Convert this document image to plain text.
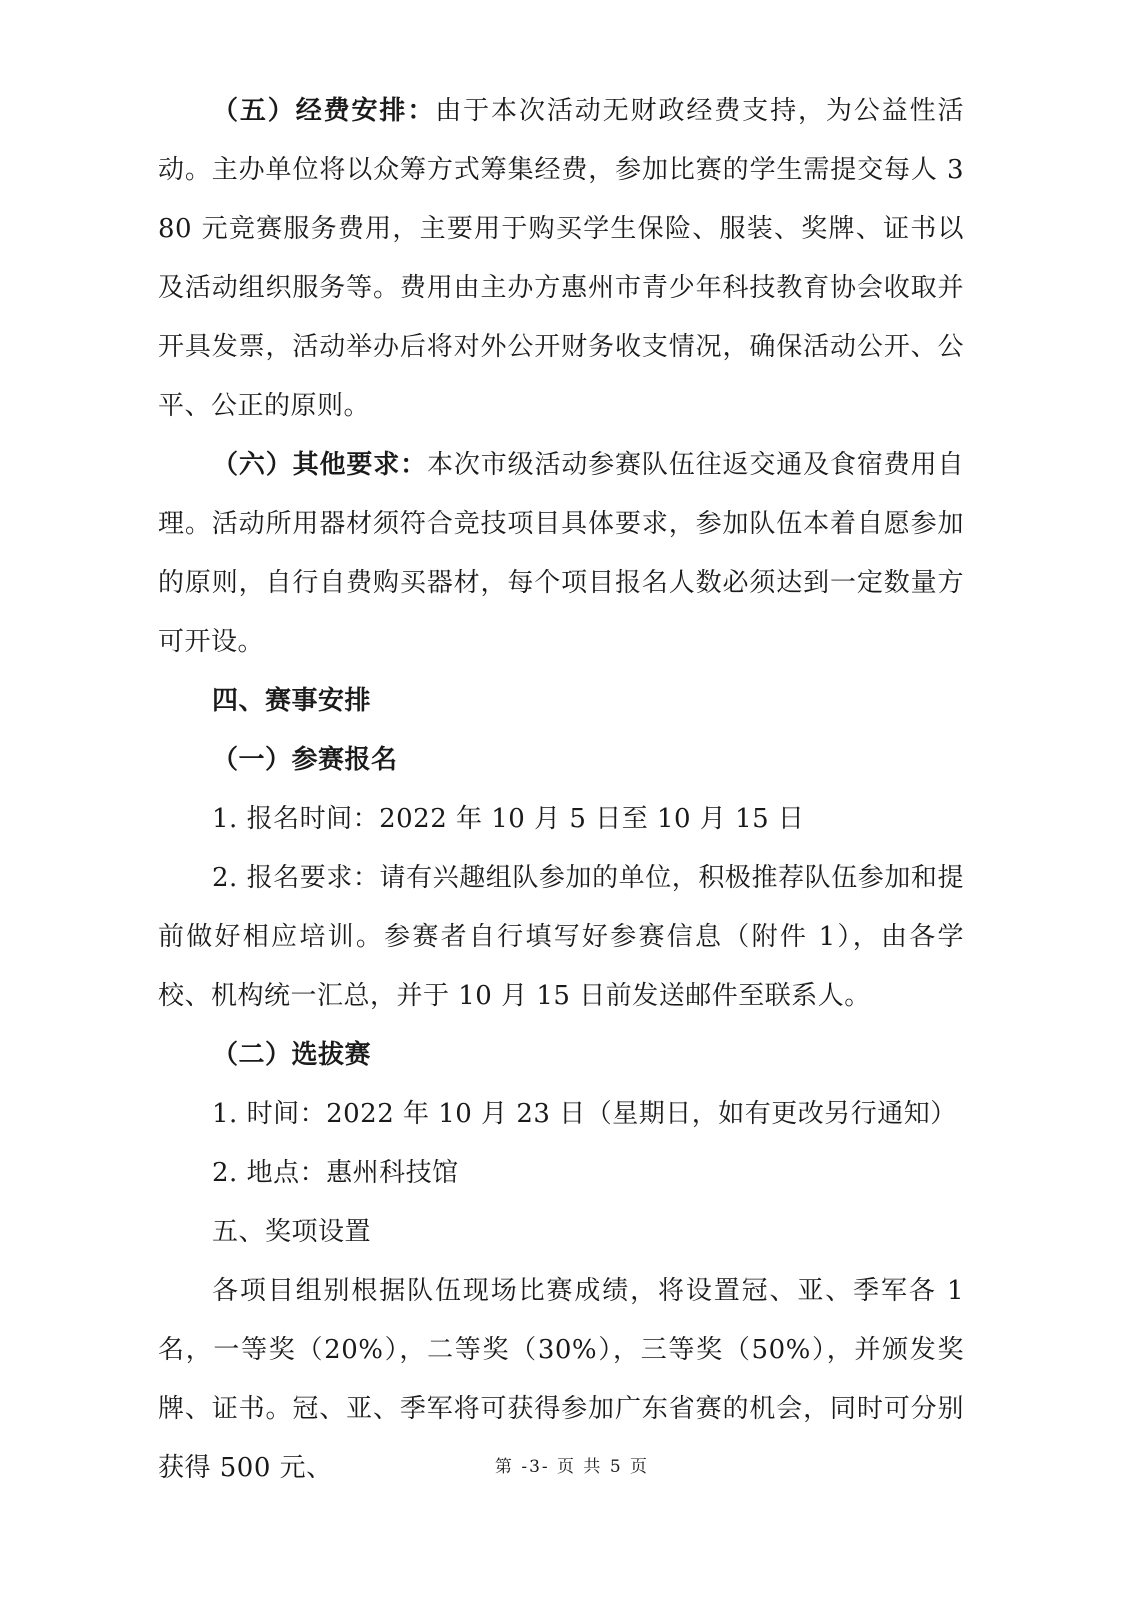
（五）经费安排：由于本次活动无财政经费支持，为公益性活动。主办单位将以众筹方式筹集经费，参加比赛的学生需提交每人 380 元竞赛服务费用，主要用于购买学生保险、服装、奖牌、证书以及活动组织服务等。费用由主办方惠州市青少年科技教育协会收取并开具发票，活动举办后将对外公开财务收支情况，确保活动公开、公平、公正的原则。

（六）其他要求：本次市级活动参赛队伍往返交通及食宿费用自理。活动所用器材须符合竞技项目具体要求，参加队伍本着自愿参加的原则，自行自费购买器材，每个项目报名人数必须达到一定数量方可开设。

四、赛事安排

（一）参赛报名

1. 报名时间：2022 年 10 月 5 日至 10 月 15 日

2. 报名要求：请有兴趣组队参加的单位，积极推荐队伍参加和提前做好相应培训。参赛者自行填写好参赛信息（附件 1），由各学校、机构统一汇总，并于 10 月 15 日前发送邮件至联系人。

（二）选拔赛

1. 时间：2022 年 10 月 23 日（星期日，如有更改另行通知）

2. 地点：惠州科技馆

五、奖项设置

各项目组别根据队伍现场比赛成绩，将设置冠、亚、季军各 1 名，一等奖（20%），二等奖（30%），三等奖（50%），并颁发奖牌、证书。冠、亚、季军将可获得参加广东省赛的机会，同时可分别获得 500 元、	第 -3- 页 共 5 页
